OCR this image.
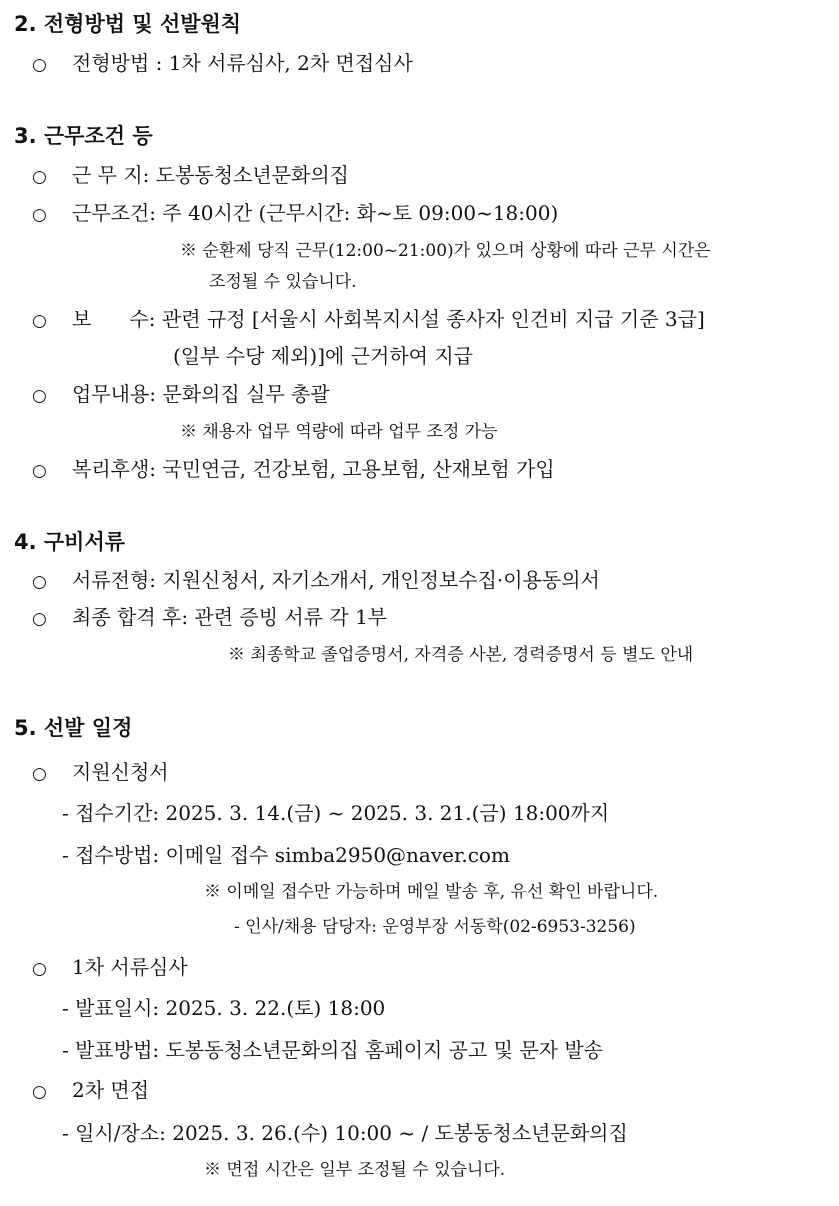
2. 전형방법 및 선발원칙
○ 전형방법 : 1차 서류심사, 2차 면접심사
3. 근무조건 등
○ 근 무 지: 도봉동청소년문화의집
○ 근무조건: 주 40시간 (근무시간: 화~토 09:00~18:00)
※ 순환제 당직 근무(12:00~21:00)가 있으며 상황에 따라 근무 시간은
조정될 수 있습니다.
○ 보      수: 관련 규정 [서울시 사회복지시설 종사자 인건비 지급 기준 3급]
(일부 수당 제외)]에 근거하여 지급
○ 업무내용: 문화의집 실무 총괄
※ 채용자 업무 역량에 따라 업무 조정 가능
○ 복리후생: 국민연금, 건강보험, 고용보험, 산재보험 가입
4. 구비서류
○ 서류전형: 지원신청서, 자기소개서, 개인정보수집·이용동의서
○ 최종 합격 후: 관련 증빙 서류 각 1부
※ 최종학교 졸업증명서, 자격증 사본, 경력증명서 등 별도 안내
5. 선발 일정
○ 지원신청서
- 접수기간: 2025. 3. 14.(금) ~ 2025. 3. 21.(금) 18:00까지
- 접수방법: 이메일 접수 simba2950@naver.com
※ 이메일 접수만 가능하며 메일 발송 후, 유선 확인 바랍니다.
- 인사/채용 담당자: 운영부장 서동학(02-6953-3256)
○ 1차 서류심사
- 발표일시: 2025. 3. 22.(토) 18:00
- 발표방법: 도봉동청소년문화의집 홈페이지 공고 및 문자 발송
○ 2차 면접
- 일시/장소: 2025. 3. 26.(수) 10:00 ~ / 도봉동청소년문화의집
※ 면접 시간은 일부 조정될 수 있습니다.
